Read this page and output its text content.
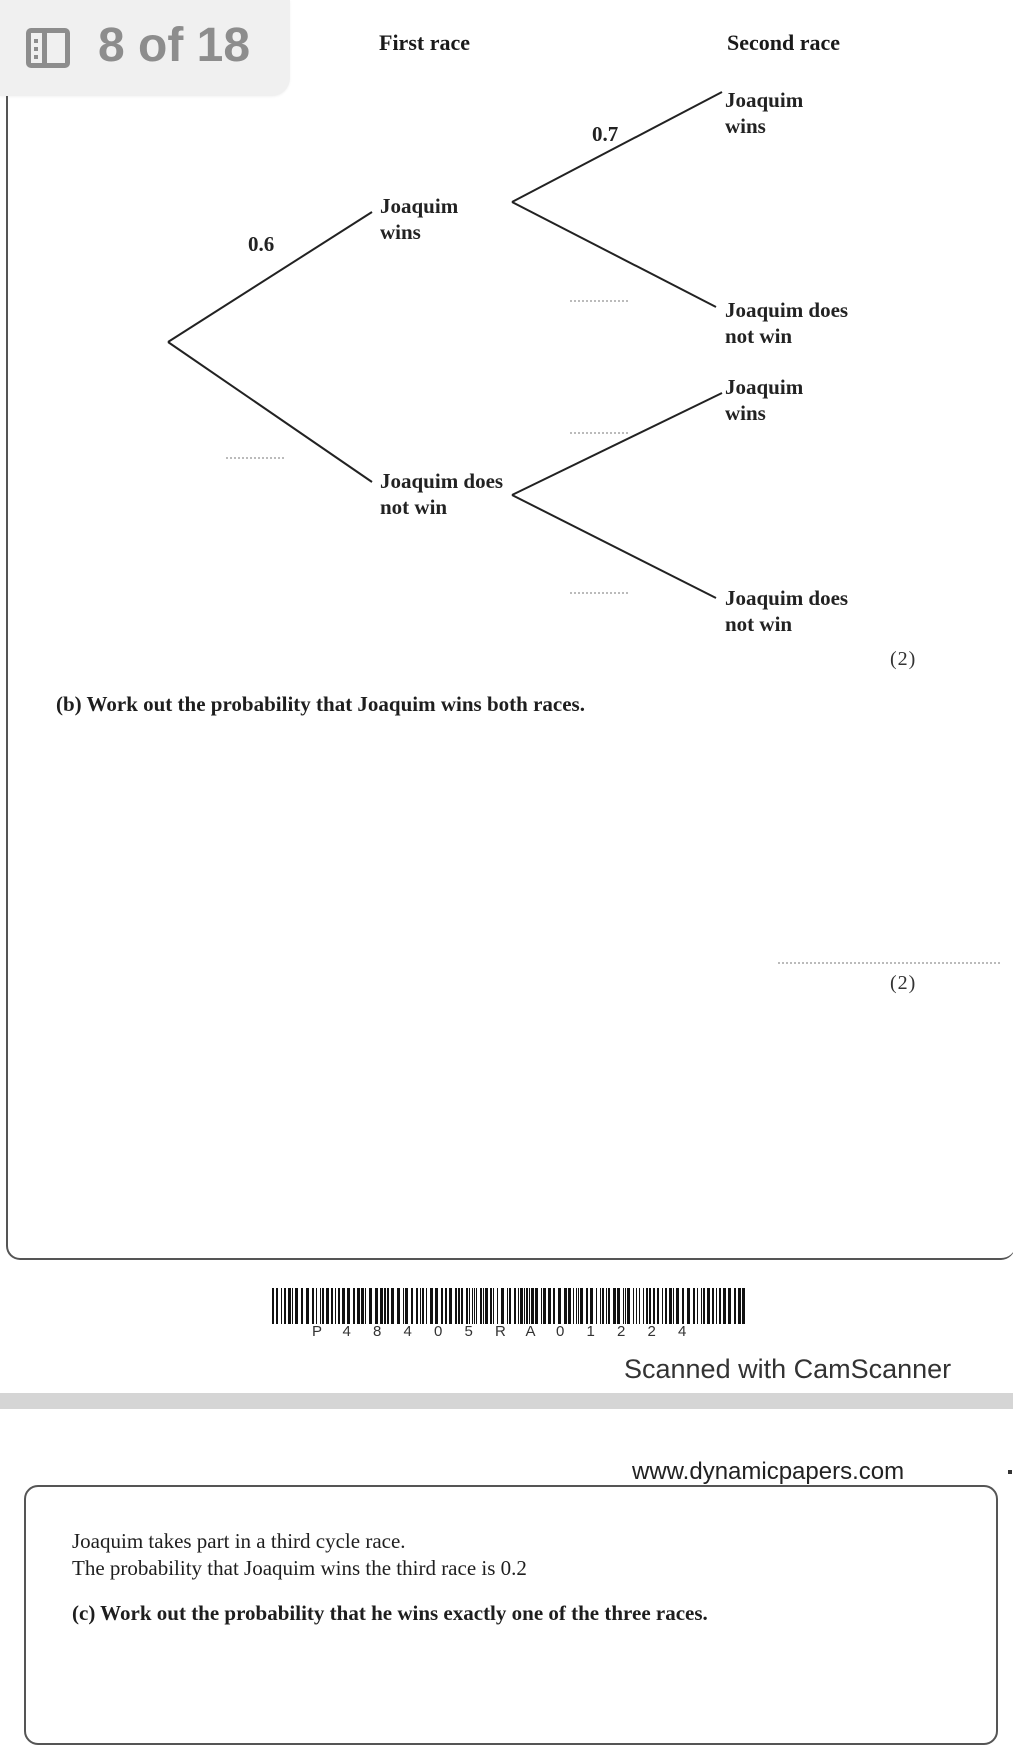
8 of 18	First race	Second race
0.6
0.7
Joaquim
wins
Joaquim does
not win
Joaquim
wins
Joaquim does
not win
Joaquim
wins
Joaquim does
not win
(2)
(b) Work out the probability that Joaquim wins both races.
(2)
P 4 8 4 0 5 R A 0 1 2 2 4
Scanned with CamScanner
www.dynamicpapers.com
Joaquim takes part in a third cycle race.
The probability that Joaquim wins the third race is 0.2
(c) Work out the probability that he wins exactly one of the three races.
